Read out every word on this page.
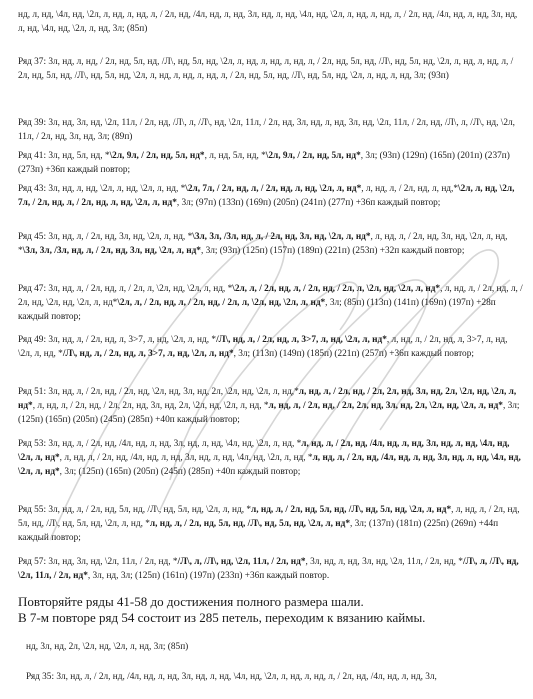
нд, л, нд, \4л, нд, \2л, л, нд, л, нд, л, / 2л, нд, /4л, нд, л, нд, 3л, нд, л, нд, \4л, нд, \2л, л, нд, л, нд, л, / 2л, нд, /4л, нд, л, нд, 3л, нд, л, нд, \4л, нд, \2л, л, нд, 3л; (85п)
Ряд 37: 3л, нд, л, нд, / 2л, нд, 5л, нд, /Л\, нд, 5л, нд, \2л, л, нд, л, нд, л, нд, л, / 2л, нд, 5л, нд, /Л\, нд, 5л, нд, \2л, л, нд, л, нд, л, / 2л, нд, 5л, нд, /Л\, нд, 5л, нд, \2л, л, нд, л, нд, л, нд, л, / 2л, нд, 5л, нд, /Л\, нд, 5л, нд, \2л, л, нд, л, нд, 3л; (93п)
Ряд 39: 3л, нд, 3л, нд, \2л, 11л, / 2л, нд, /Л\, л, /Л\, нд, \2л, 11л, / 2л, нд, 3л, нд, л, нд, 3л, нд, \2л, 11л, / 2л, нд, /Л\, л, /Л\, нд, \2л, 11л, / 2л, нд, 3л, нд, 3л; (89п)
Ряд 41: 3л, нд, 5л, нд, *\2л, 9л, / 2л, нд, 5л, нд*, л, нд, 5л, нд, *\2л, 9л, / 2л, нд, 5л, нд*, 3л; (93п) (129п) (165п) (201п) (237п) (273п) +36п каждый повтор;
Ряд 43: 3л, нд, л, нд, \2л, л, нд, \2л, л, нд, *\2л, 7л, / 2л, нд, л, / 2л, нд, л, нд, \2л, л, нд*, л, нд, л, / 2л, нд, л, нд,*\2л, л, нд, \2л, 7л, / 2л, нд, л, / 2л, нд, л, нд, \2л, л, нд*, 3л; (97п) (133п) (169п) (205п) (241п) (277п) +36п каждый повтор;
Ряд 45: 3л, нд, л, / 2л, нд, 3л, нд, \2л, л, нд, *\3л, 3л, /3л, нд, л, / 2л, нд, 3л, нд, \2л, л, нд*, л, нд, л, / 2л, нд, 3л, нд, \2л, л, нд, *\3л, 3л, /3л, нд, л, / 2л, нд, 3л, нд, \2л, л, нд*, 3л; (93п) (125п) (157п) (189п) (221п) (253п) +32п каждый повтор;
Ряд 47: 3л, нд, л, / 2л, нд, л, / 2л, л, \2л, нд, \2л, л, нд, *\2л, л, / 2л, нд, л, / 2л, нд, / 2л, л, \2л, нд, \2л, л, нд*, л, нд, л, / 2л, нд, л, / 2л, нд, \2л, нд, \2л, л, нд*\2л, л, / 2л, нд, л, / 2л, нд, / 2л, л, \2л, нд, \2л, л, нд*, 3л; (85п) (113п) (141п) (169п) (197п) +28п каждый повтор;
Ряд 49: 3л, нд, л, / 2л, нд, л, 3>7, л, нд, \2л, л, нд, */Л\, нд, л, / 2л, нд, л, 3>7, л, нд, \2л, л, нд*, л, нд, л, / 2л, нд, л, 3>7, л, нд, \2л, л, нд, */Л\, нд, л, / 2л, нд, л, 3>7, л, нд, \2л, л, нд*, 3л; (113п) (149п) (185п) (221п) (257п) +36п каждый повтор;
Ряд 51: 3л, нд, л, / 2л, нд, / 2л, нд, \2л, нд, 3л, нд, 2л, \2л, нд, \2л, л, нд,*л, нд, л, / 2л, нд, / 2л, 2л, нд, 3л, нд, 2л, \2л, нд, \2л, л, нд*, л, нд, л, / 2л, нд, / 2л, 2л, нд, 3л, нд, 2л, \2л, нд, \2л, л, нд, *л, нд, л, / 2л, нд, / 2л, 2л, нд, 3л, нд, 2л, \2л, нд, \2л, л, нд*, 3л; (125п) (165п) (205п) (245п) (285п) +40п каждый повтор;
Ряд 53: 3л, нд, л, / 2л, нд, /4л, нд, л, нд, 3л, нд, л, нд, \4л, нд, \2л, л, нд, *л, нд, л, / 2л, нд, /4л, нд, л, нд, 3л, нд, л, нд, \4л, нд, \2л, л, нд*, л, нд, л, / 2л, нд, /4л, нд, л, нд, 3л, нд, л, нд, \4л, нд, \2л, л, нд, *л, нд, л, / 2л, нд, /4л, нд, л, нд, 3л, нд, л, нд, \4л, нд, \2л, л, нд*, 3л; (125п) (165п) (205п) (245п) (285п) +40п каждый повтор;
Ряд 55: 3л, нд, л, / 2л, нд, 5л, нд, /Л\, нд, 5л, нд, \2л, л, нд, *л, нд, л, / 2л, нд, 5л, нд, /Л\, нд, 5л, нд, \2л, л, нд*, л, нд, л, / 2л, нд, 5л, нд, /Л\, нд, 5л, нд, \2л, л, нд, *л, нд, л, / 2л, нд, 5л, нд, /Л\, нд, 5л, нд, \2л, л, нд*, 3л; (137п) (181п) (225п) (269п) +44п каждый повтор;
Ряд 57: 3л, нд, 3л, нд, \2л, 11л, / 2л, нд, */Л\, л, /Л\, нд, \2л, 11л, / 2л, нд*, 3л, нд, л, нд, 3л, нд, \2л, 11л, / 2л, нд, */Л\, л, /Л\, нд, \2л, 11л, / 2л, нд*, 3л, нд, 3л; (125п) (161п) (197п) (233п) +36п каждый повтор.
Повторяйте ряды 41-58 до достижения полного размера шали.
В 7-м повторе ряд 54 состоит из 285 петель, переходим к вязанию каймы.
нд, 3л, нд, 2л, \2л, нд, \2л, л, нд, 3л; (85п)
Ряд 35: 3л, нд, л, / 2л, нд, /4л, нд, л, нд, 3л, нд, л, нд, \4л, нд, \2л, л, нд, л, нд, л, / 2л, нд, /4л, нд, л, нд, 3л,
